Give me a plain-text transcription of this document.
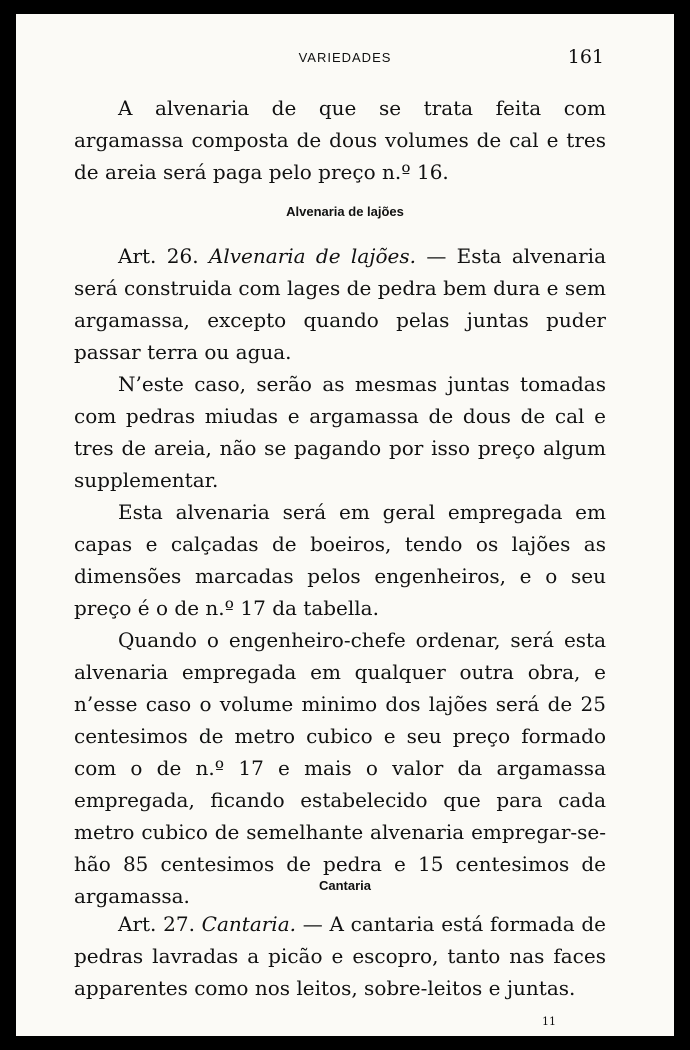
VARIEDADES	161

A alvenaria de que se trata feita com argamassa composta de dous volumes de cal e tres de areia será paga pelo preço n.º 16.

Alvenaria de lajões

Art. 26. Alvenaria de lajões. — Esta alvenaria será construida com lages de pedra bem dura e sem argamassa, excepto quando pelas juntas puder passar terra ou agua.

N’este caso, serão as mesmas juntas tomadas com pedras miudas e argamassa de dous de cal e tres de areia, não se pagando por isso preço algum supplementar.

Esta alvenaria será em geral empregada em capas e calçadas de boeiros, tendo os lajões as dimensões marcadas pelos engenheiros, e o seu preço é o de n.º 17 da tabella.

Quando o engenheiro-chefe ordenar, será esta alvenaria empregada em qualquer outra obra, e n’esse caso o volume minimo dos lajões será de 25 centesimos de metro cubico e seu preço formado com o de n.º 17 e mais o valor da argamassa empregada, ficando estabelecido que para cada metro cubico de semelhante alvenaria empregar-se-hão 85 centesimos de pedra e 15 centesimos de argamassa.	Cantaria

Art. 27. Cantaria. — A cantaria está formada de pedras lavradas a picão e escopro, tanto nas faces apparentes como nos leitos, sobre-leitos e juntas.

11
